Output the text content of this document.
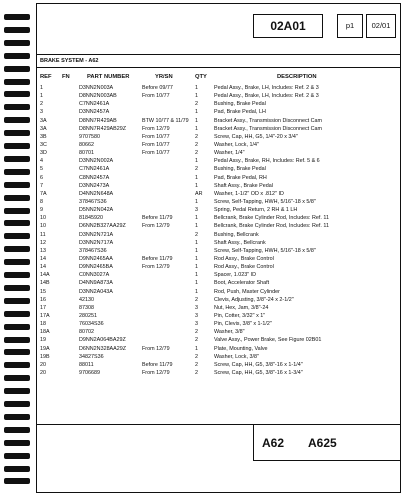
02A01	p1	02/01
BRAKE SYSTEM - A62
REF FN	PART NUMBER	YR/SN	QTY	DESCRIPTION
1	D3NN2N003A	Before 09/77	1	Pedal Assy., Brake, LH, Includes: Ref. 2 & 3
1	D8NN2N003AB	From 10/77	1	Pedal Assy., Brake, LH, Includes: Ref. 2 & 3
2	C7NN2461A	2	Bushing, Brake Pedal
3	D3NN2457A	1	Pad, Brake Pedal, LH
3A	D8NN7R429AB	BTW 10/77 & 11/79	1	Bracket Assy., Transmission Disconnect Cam
3A	D8NN7R429AB29Z	From 12/79	1	Bracket Assy., Transmission Disconnect Cam
3B	9707580	From 10/77	2	Screw, Cap, HH, G5, 1/4"-20 x 3/4"
3C	80662	From 10/77	2	Washer, Lock, 1/4"
3D	80701	From 10/77	2	Washer, 1/4"
4	D3NN2N002A	1	Pedal Assy., Brake, RH, Includes: Ref. 5 & 6
5	C7NN2461A	2	Bushing, Brake Pedal
6	C8NN2457A	1	Pad, Brake Pedal, RH
7	D3NN2473A	1	Shaft Assy., Brake Pedal
7A	D4NN2N648A	AR	Washer, 1-1/2" OD x .812" ID
8	378467S36	1	Screw, Self-Tapping, HWH, 5/16"-18 x 5/8"
9	D5NN2N042A	3	Spring, Pedal Return, 2 RH & 1 LH
10	81845920	Before 11/79	1	Bellcrank, Brake Cylinder Rod, Includes: Ref. 11
10	D6NN2B327AA29Z	From 12/79	1	Bellcrank, Brake Cylinder Rod, Includes: Ref. 11
11	D3NN2N721A	2	Bushing, Bellcrank
12	D3NN2N717A	1	Shaft Assy., Bellcrank
13	378467S36	1	Screw, Self-Tapping, HWH, 5/16"-18 x 5/8"
14	D9NN2465AA	Before 11/79	1	Rod Assy., Brake Control
14	D9NN2465BA	From 12/79	1	Rod Assy., Brake Control
14A	C0NN3027A	1	Spacer, 1.023" ID
14B	D4NN9A873A	1	Boot, Accelerator Shaft
15	D3NN2A043A	1	Rod, Push, Master Cylinder
16	42130	2	Clevis, Adjusting, 3/8"-24 x 2-1/2"
17	87308	3	Nut, Hex, Jam, 3/8"-24
17A	280251	3	Pin, Cotter, 3/32" x 1"
18	76034S36	3	Pin, Clevis, 3/8" x 1-1/2"
18A	80702	2	Washer, 3/8"
19	D9NN2A064BA29Z	2	Valve Assy., Power Brake, See Figure 02B01
19A	D6NN2N328AA29Z	From 12/79	1	Plate, Mounting, Valve
19B	34827S36	2	Washer, Lock, 3/8"
20	88011	Before 11/79	2	Screw, Cap, HH, G5, 3/8"-16 x 1-1/4"
20	9706689	From 12/79	2	Screw, Cap, HH, G5, 3/8"-16 x 1-3/4"
A62 A625
